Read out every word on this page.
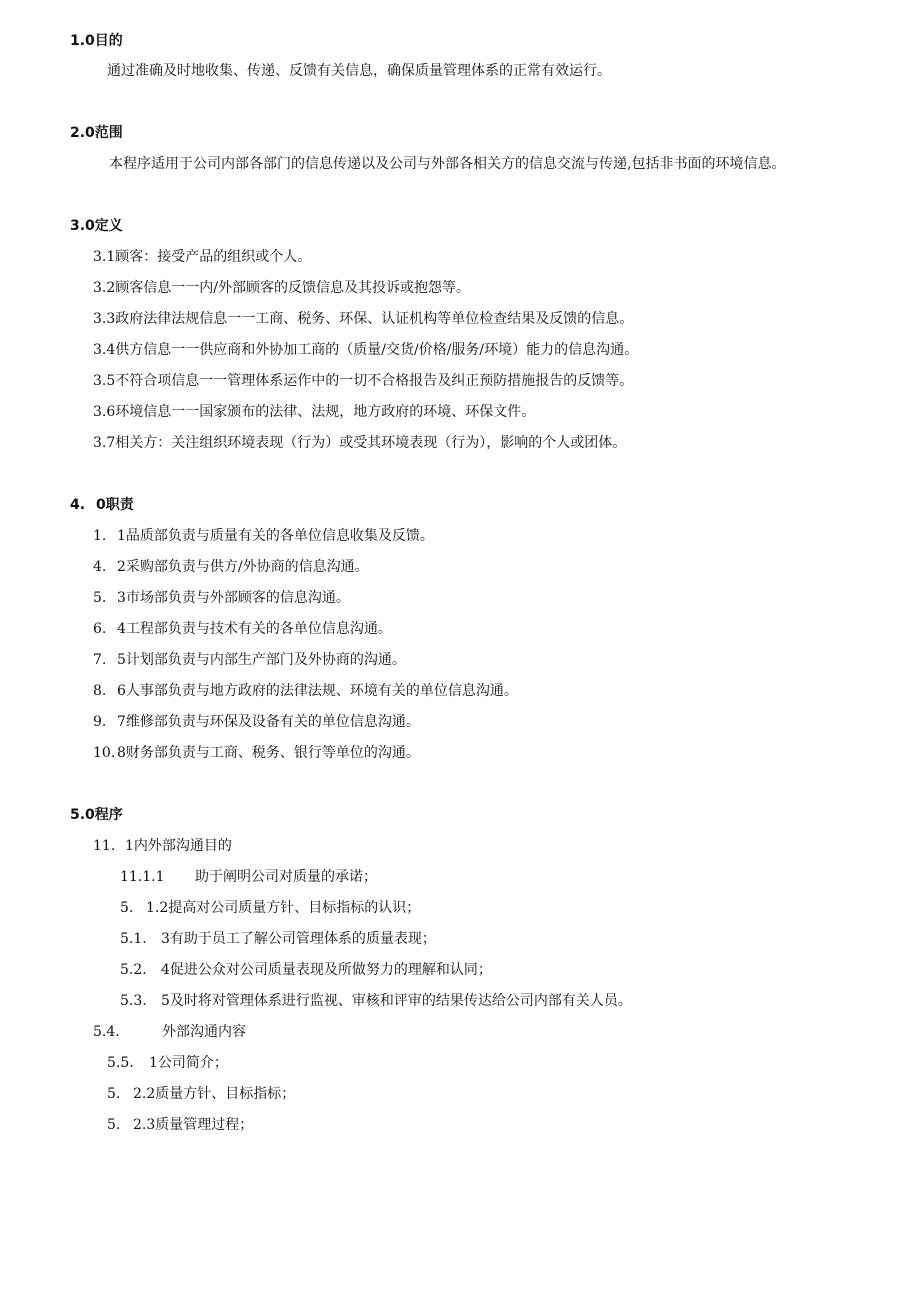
1.0目的
通过准确及时地收集、传递、反馈有关信息，确保质量管理体系的正常有效运行。
2.0范围
本程序适用于公司内部各部门的信息传递以及公司与外部各相关方的信息交流与传递,包括非书面的环境信息。
3.0定义
3.1顾客：接受产品的组织或个人。
3.2顾客信息一一内/外部顾客的反馈信息及其投诉或抱怨等。
3.3政府法律法规信息一一工商、税务、环保、认证机构等单位检查结果及反馈的信息。
3.4供方信息一一供应商和外协加工商的（质量/交货/价格/服务/环境）能力的信息沟通。
3.5不符合项信息一一管理体系运作中的一切不合格报告及纠正预防措施报告的反馈等。
3.6环境信息一一国家颁布的法律、法规，地方政府的环境、环保文件。
3.7相关方：关注组织环境表现（行为）或受其环境表现（行为），影响的个人或团体。
4. 0职责
1. 1品质部负责与质量有关的各单位信息收集及反馈。
4. 2采购部负责与供方/外协商的信息沟通。
5. 3市场部负责与外部顾客的信息沟通。
6. 4工程部负责与技术有关的各单位信息沟通。
7. 5计划部负责与内部生产部门及外协商的沟通。
8. 6人事部负责与地方政府的法律法规、环境有关的单位信息沟通。
9. 7维修部负责与环保及设备有关的单位信息沟通。
10. 8财务部负责与工商、税务、银行等单位的沟通。
5.0程序
11. 1内外部沟通目的
11.1.1 助于阐明公司对质量的承诺；
5. 1.2提高对公司质量方针、目标指标的认识；
5.1. 3有助于员工了解公司管理体系的质量表现；
5.2. 4促进公众对公司质量表现及所做努力的理解和认同；
5.3. 5及时将对管理体系进行监视、审核和评审的结果传达给公司内部有关人员。
5.4.	外部沟通内容
5.5. 1公司简介；
5. 2.2质量方针、目标指标；
5. 2.3质量管理过程；
